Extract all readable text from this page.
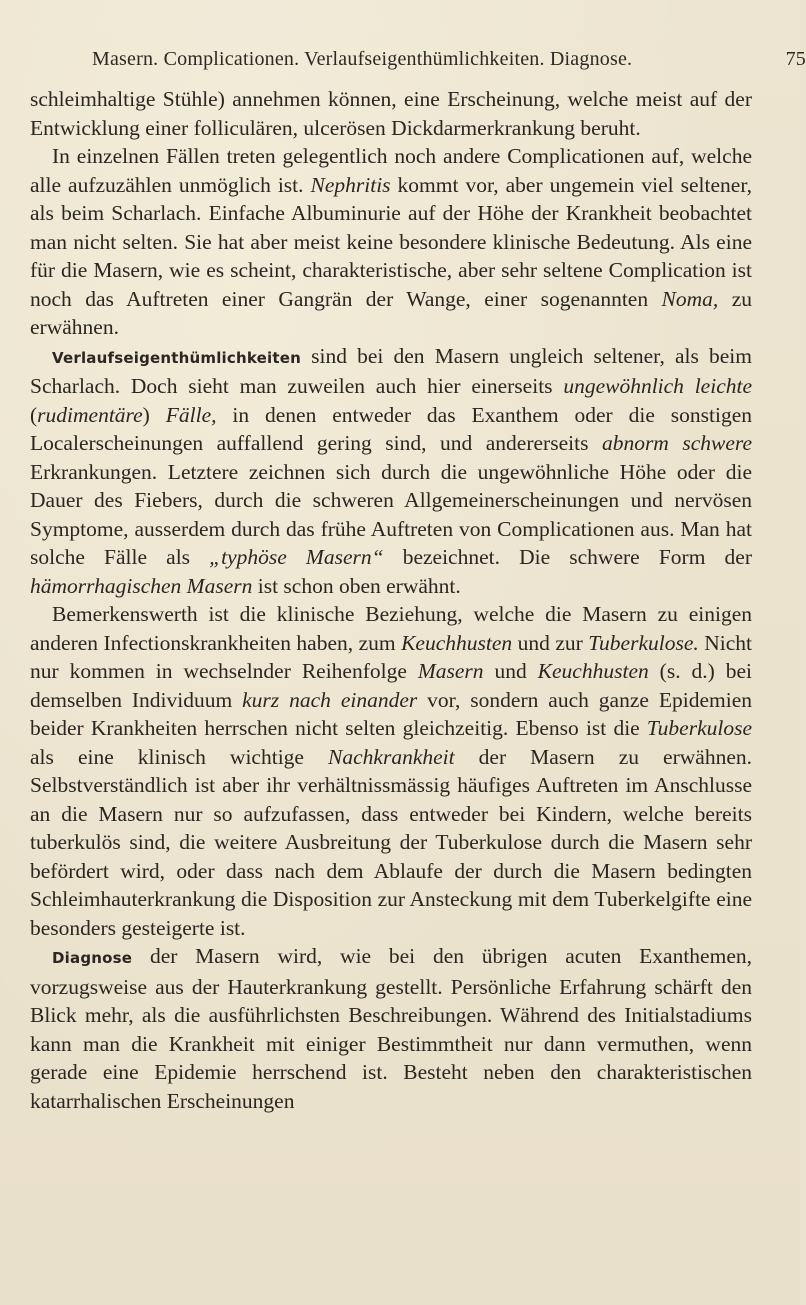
Masern. Complicationen. Verlaufseigenthümlichkeiten. Diagnose.	75

schleimhaltige Stühle) annehmen können, eine Erscheinung, welche meist auf der Entwicklung einer folliculären, ulcerösen Dickdarmerkrankung beruht.

In einzelnen Fällen treten gelegentlich noch andere Complicationen auf, welche alle aufzuzählen unmöglich ist. Nephritis kommt vor, aber ungemein viel seltener, als beim Scharlach. Einfache Albuminurie auf der Höhe der Krankheit beobachtet man nicht selten. Sie hat aber meist keine besondere klinische Bedeutung. Als eine für die Masern, wie es scheint, charakteristische, aber sehr seltene Complication ist noch das Auftreten einer Gangrän der Wange, einer sogenannten Noma, zu erwähnen.

Verlaufseigenthümlichkeiten sind bei den Masern ungleich seltener, als beim Scharlach. Doch sieht man zuweilen auch hier einerseits ungewöhnlich leichte (rudimentäre) Fälle, in denen entweder das Exanthem oder die sonstigen Localerscheinungen auffallend gering sind, und andererseits abnorm schwere Erkrankungen. Letztere zeichnen sich durch die ungewöhnliche Höhe oder die Dauer des Fiebers, durch die schweren Allgemeinerscheinungen und nervösen Symptome, ausserdem durch das frühe Auftreten von Complicationen aus. Man hat solche Fälle als „typhöse Masern“ bezeichnet. Die schwere Form der hämorrhagischen Masern ist schon oben erwähnt.

Bemerkenswerth ist die klinische Beziehung, welche die Masern zu einigen anderen Infectionskrankheiten haben, zum Keuchhusten und zur Tuberkulose. Nicht nur kommen in wechselnder Reihenfolge Masern und Keuchhusten (s. d.) bei demselben Individuum kurz nach einander vor, sondern auch ganze Epidemien beider Krankheiten herrschen nicht selten gleichzeitig. Ebenso ist die Tuberkulose als eine klinisch wichtige Nachkrankheit der Masern zu erwähnen. Selbstverständlich ist aber ihr verhältnissmässig häufiges Auftreten im Anschlusse an die Masern nur so aufzufassen, dass entweder bei Kindern, welche bereits tuberkulös sind, die weitere Ausbreitung der Tuberkulose durch die Masern sehr befördert wird, oder dass nach dem Ablaufe der durch die Masern bedingten Schleimhauterkrankung die Disposition zur Ansteckung mit dem Tuberkelgifte eine besonders gesteigerte ist.

Diagnose der Masern wird, wie bei den übrigen acuten Exanthemen, vorzugsweise aus der Hauterkrankung gestellt. Persönliche Erfahrung schärft den Blick mehr, als die ausführlichsten Beschreibungen. Während des Initialstadiums kann man die Krankheit mit einiger Bestimmtheit nur dann vermuthen, wenn gerade eine Epidemie herrschend ist. Besteht neben den charakteristischen katarrhalischen Erscheinungen
